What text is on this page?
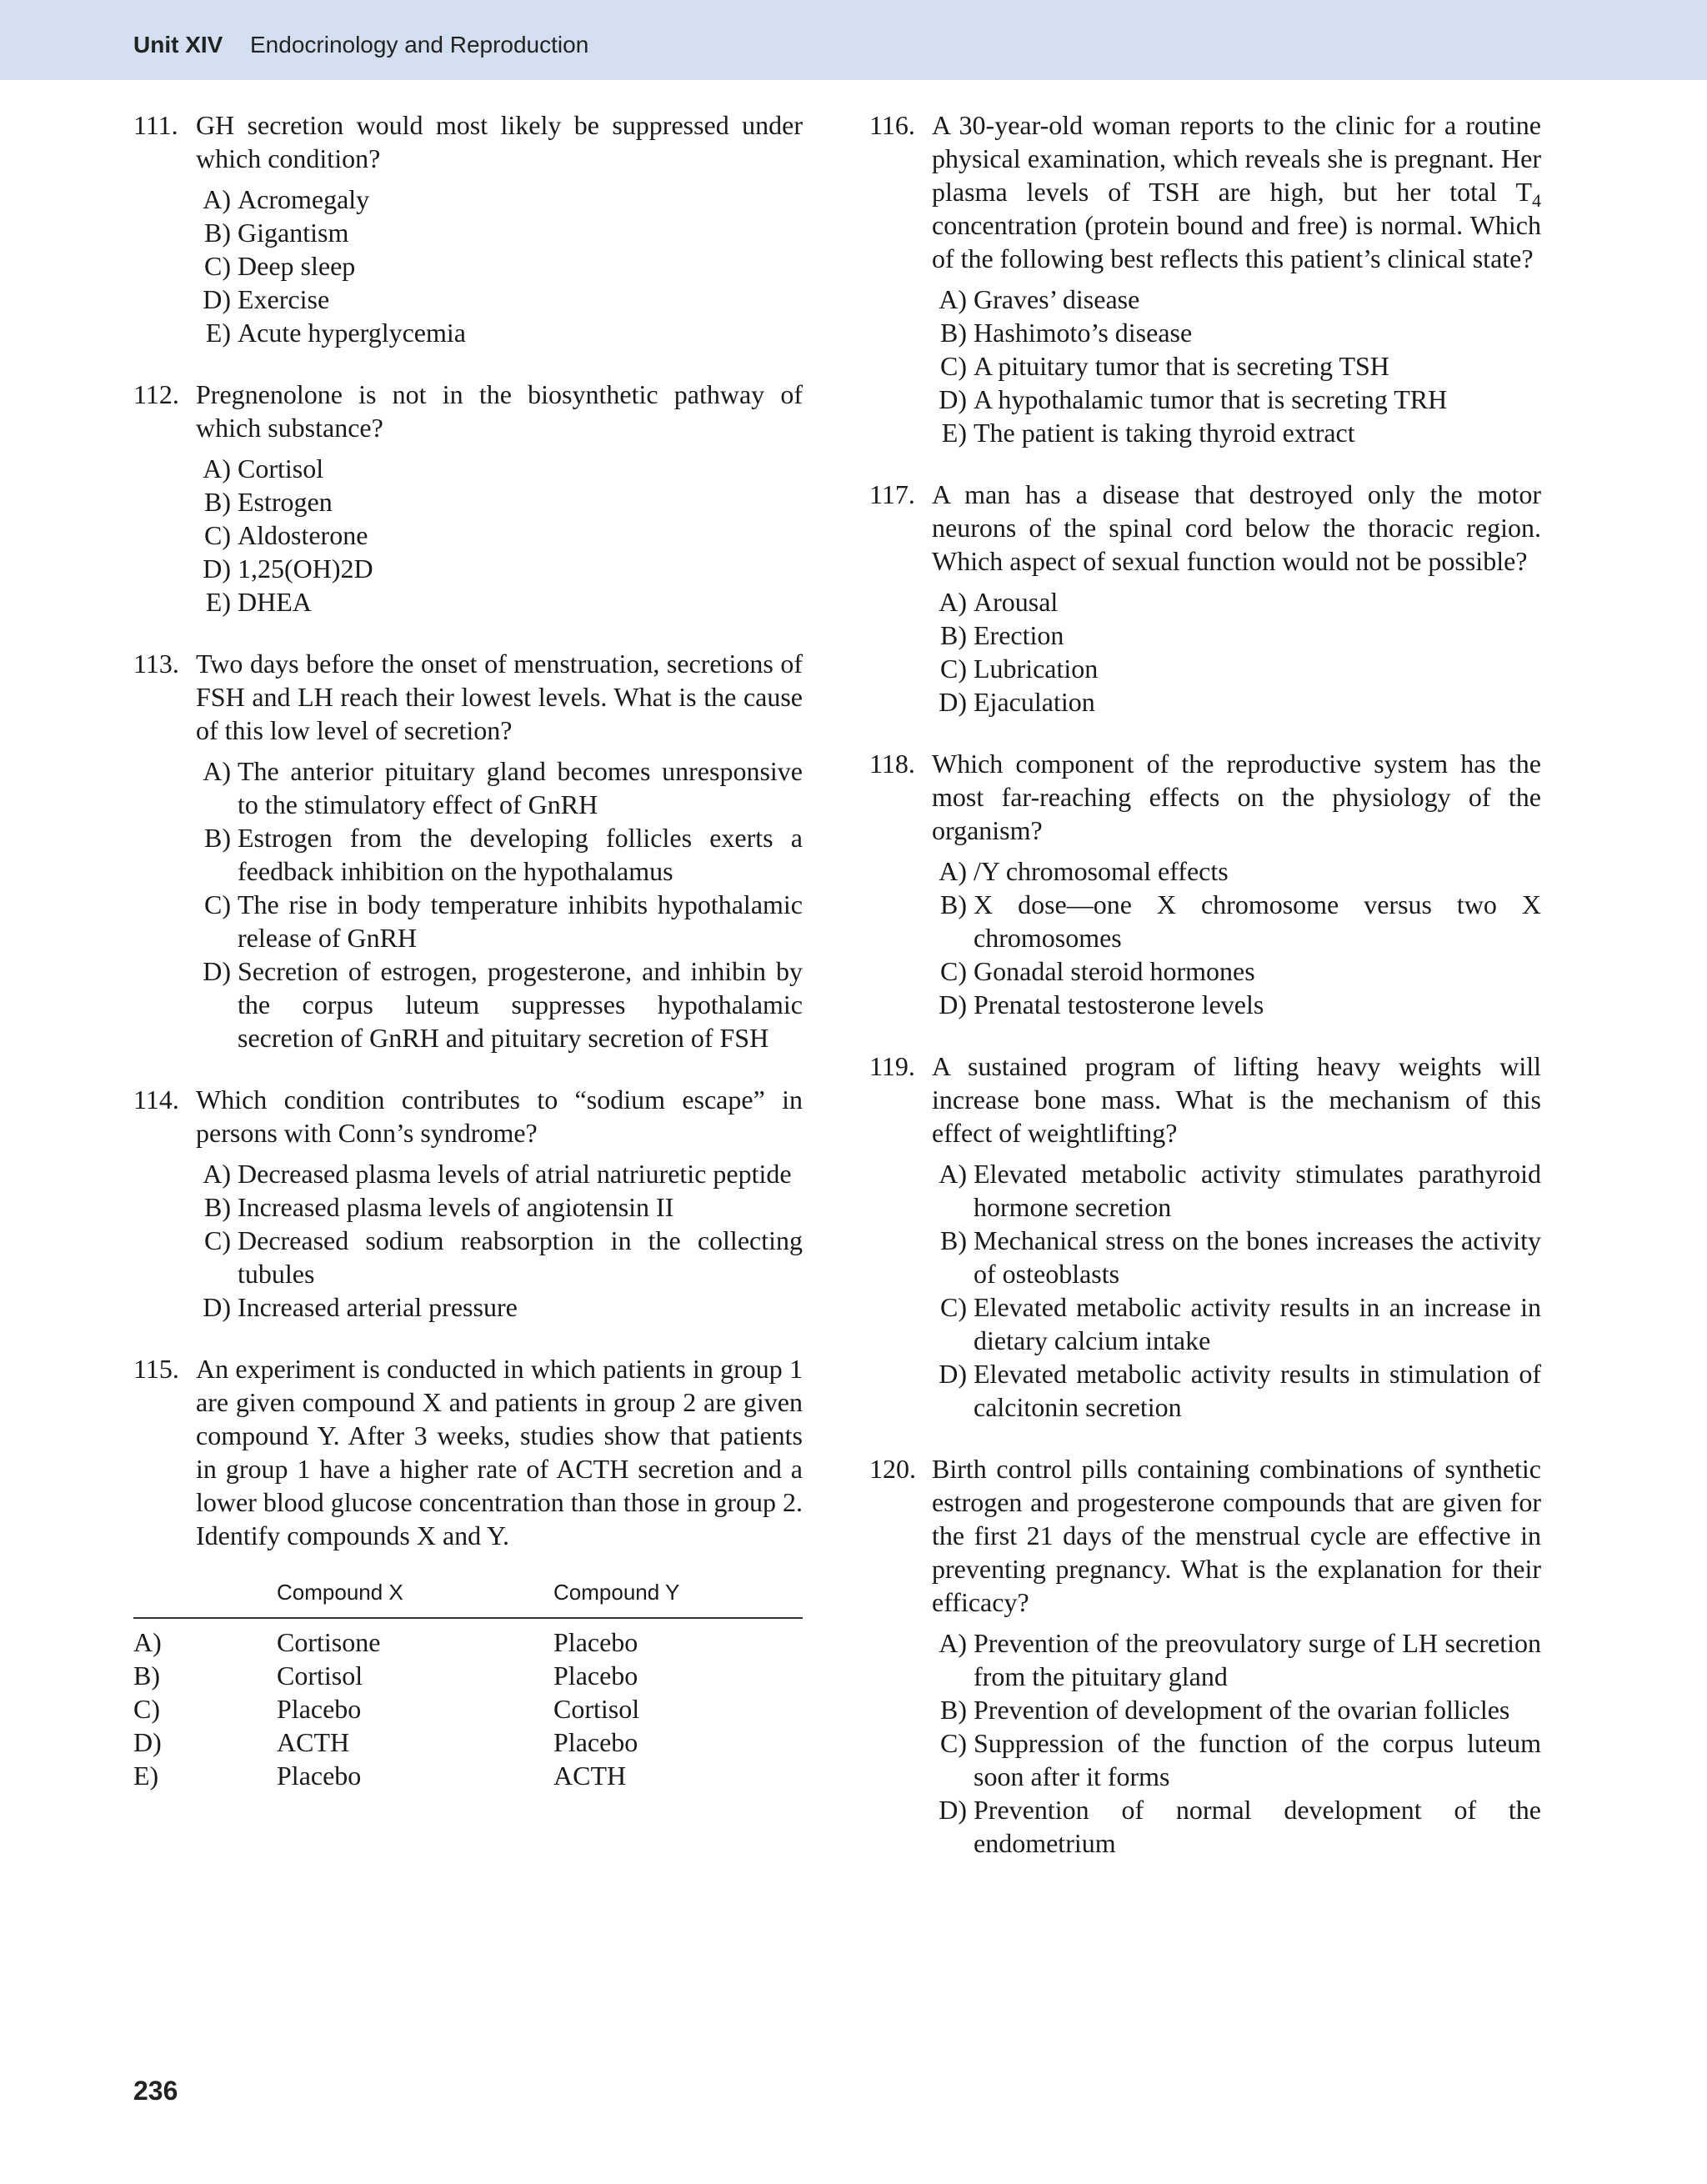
Unit XIV Endocrinology and Reproduction
111. GH secretion would most likely be suppressed under which condition?
A) Acromegaly
B) Gigantism
C) Deep sleep
D) Exercise
E) Acute hyperglycemia
112. Pregnenolone is not in the biosynthetic pathway of which substance?
A) Cortisol
B) Estrogen
C) Aldosterone
D) 1,25(OH)2D
E) DHEA
113. Two days before the onset of menstruation, secretions of FSH and LH reach their lowest levels. What is the cause of this low level of secretion?
A) The anterior pituitary gland becomes unresponsive to the stimulatory effect of GnRH
B) Estrogen from the developing follicles exerts a feedback inhibition on the hypothalamus
C) The rise in body temperature inhibits hypothalamic release of GnRH
D) Secretion of estrogen, progesterone, and inhibin by the corpus luteum suppresses hypothalamic secretion of GnRH and pituitary secretion of FSH
114. Which condition contributes to “sodium escape” in persons with Conn’s syndrome?
A) Decreased plasma levels of atrial natriuretic peptide
B) Increased plasma levels of angiotensin II
C) Decreased sodium reabsorption in the collecting tubules
D) Increased arterial pressure
115. An experiment is conducted in which patients in group 1 are given compound X and patients in group 2 are given compound Y. After 3 weeks, studies show that patients in group 1 have a higher rate of ACTH secretion and a lower blood glucose concentration than those in group 2. Identify compounds X and Y.
	Compound X	Compound Y
A)	Cortisone	Placebo
B)	Cortisol	Placebo
C)	Placebo	Cortisol
D)	ACTH	Placebo
E)	Placebo	ACTH
116. A 30-year-old woman reports to the clinic for a routine physical examination, which reveals she is pregnant. Her plasma levels of TSH are high, but her total $T_4$ concentration (protein bound and free) is normal. Which of the following best reflects this patient’s clinical state?
A) Graves’ disease
B) Hashimoto’s disease
C) A pituitary tumor that is secreting TSH
D) A hypothalamic tumor that is secreting TRH
E) The patient is taking thyroid extract
117. A man has a disease that destroyed only the motor neurons of the spinal cord below the thoracic region. Which aspect of sexual function would not be possible?
A) Arousal
B) Erection
C) Lubrication
D) Ejaculation
118. Which component of the reproductive system has the most far-reaching effects on the physiology of the organism?
A) /Y chromosomal effects
B) X dose—one X chromosome versus two X chromosomes
C) Gonadal steroid hormones
D) Prenatal testosterone levels
119. A sustained program of lifting heavy weights will increase bone mass. What is the mechanism of this effect of weightlifting?
A) Elevated metabolic activity stimulates parathyroid hormone secretion
B) Mechanical stress on the bones increases the activity of osteoblasts
C) Elevated metabolic activity results in an increase in dietary calcium intake
D) Elevated metabolic activity results in stimulation of calcitonin secretion
120. Birth control pills containing combinations of synthetic estrogen and progesterone compounds that are given for the first 21 days of the menstrual cycle are effective in preventing pregnancy. What is the explanation for their efficacy?
A) Prevention of the preovulatory surge of LH secretion from the pituitary gland
B) Prevention of development of the ovarian follicles
C) Suppression of the function of the corpus luteum soon after it forms
D) Prevention of normal development of the endometrium
236
